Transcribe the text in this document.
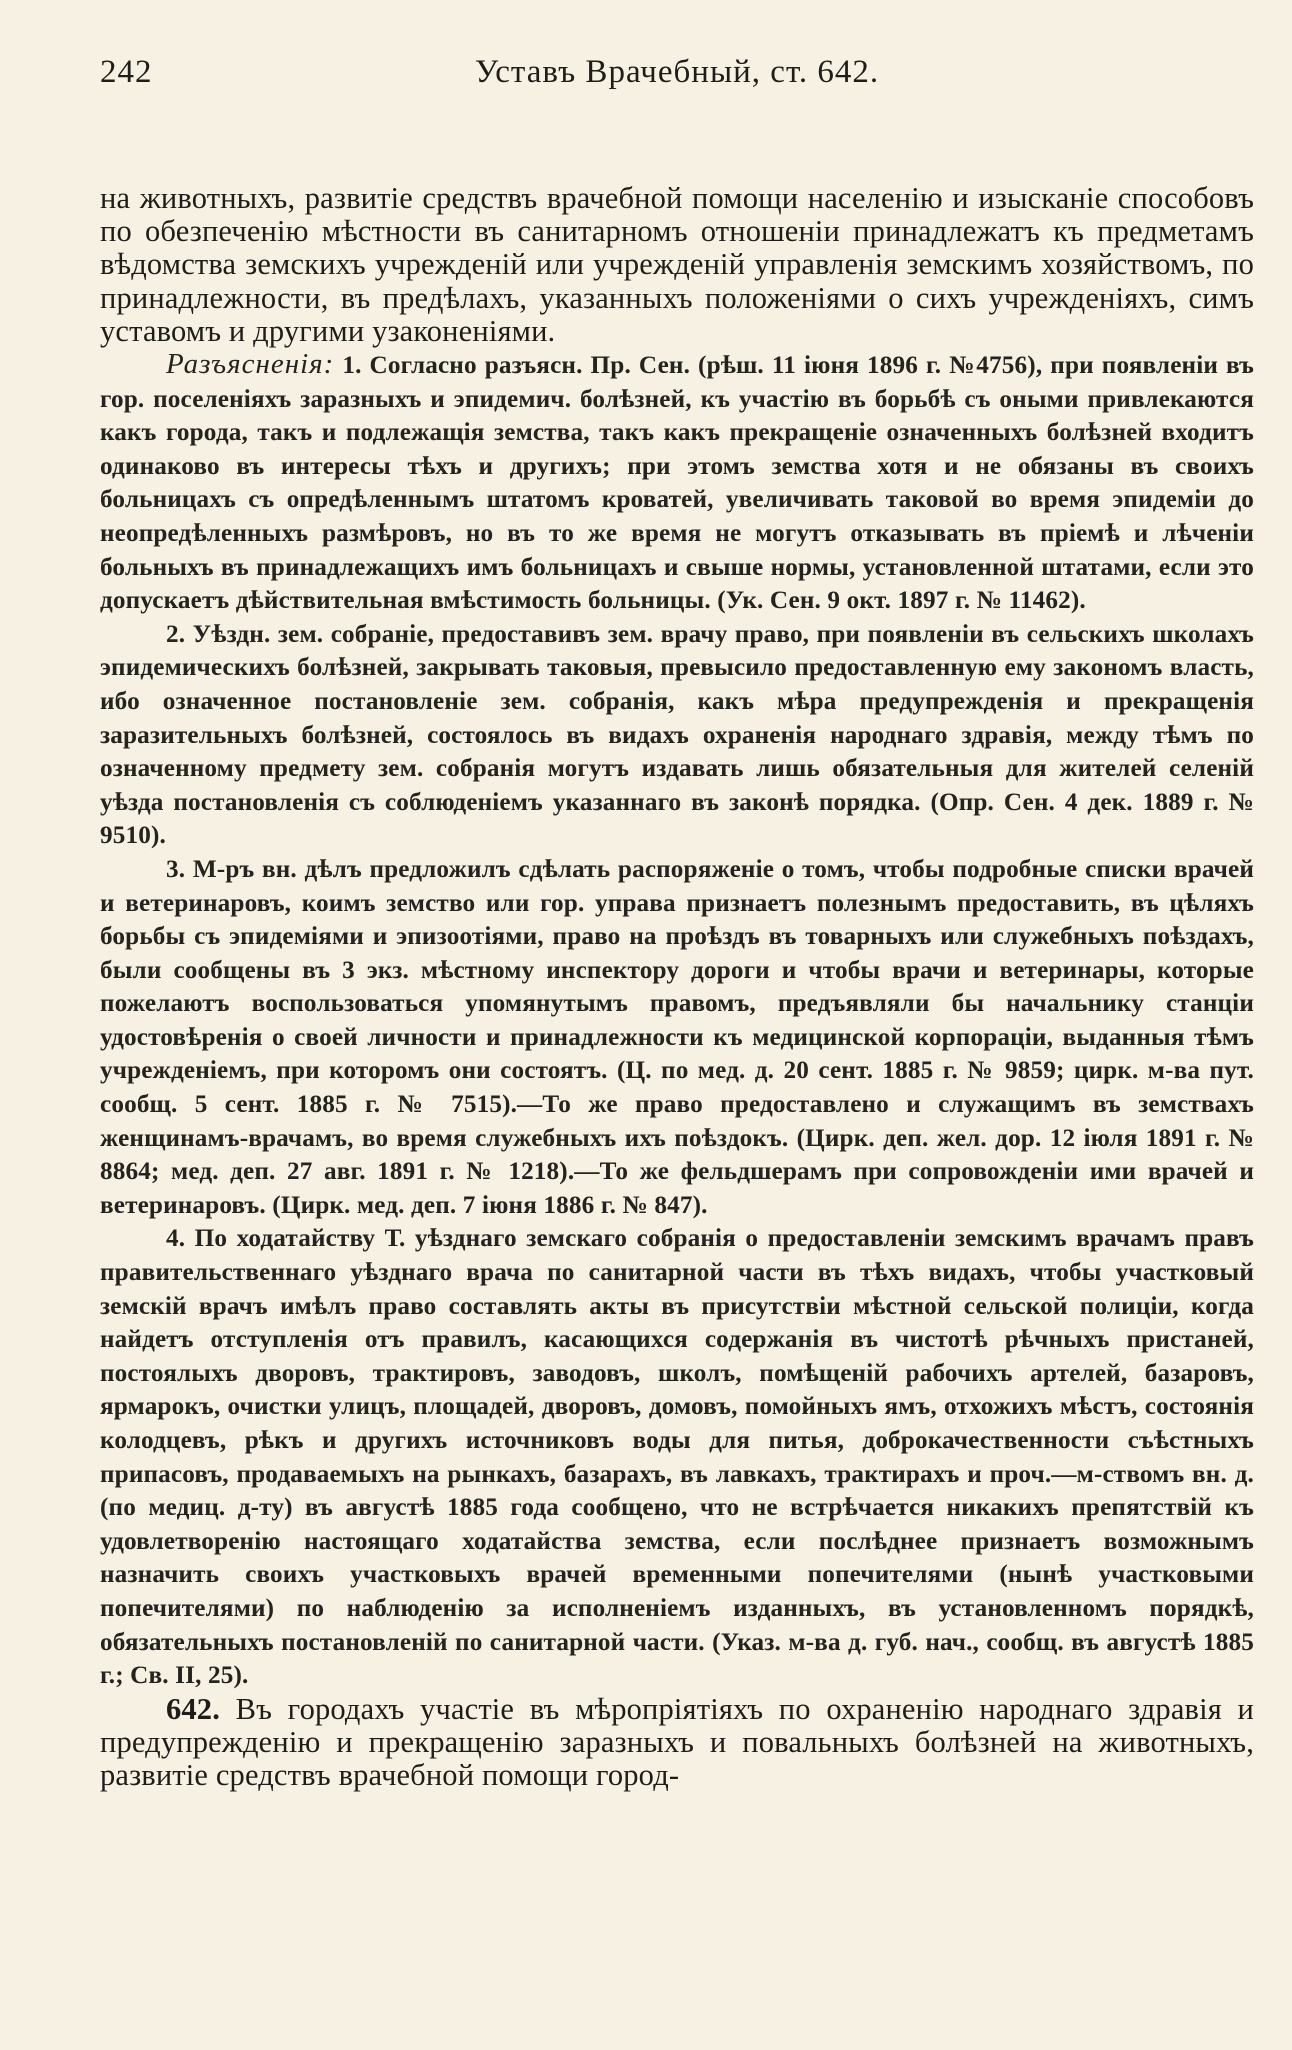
242	Уставъ Врачебный, ст. 642.

на животныхъ, развитіе средствъ врачебной помощи населенію и изысканіе способовъ по обезпеченію мѣстности въ санитарномъ отношеніи принадлежатъ къ предметамъ вѣдомства земскихъ учрежденій или учрежденій управленія земскимъ хозяйствомъ, по принадлежности, въ предѣлахъ, указанныхъ положеніями о сихъ учрежденіяхъ, симъ уставомъ и другими узаконеніями.

Разъясненія: 1. Согласно разъясн. Пр. Сен. (рѣш. 11 іюня 1896 г. №4756), при появленіи въ гор. поселеніяхъ заразныхъ и эпидемич. болѣзней, къ участію въ борьбѣ съ оными привлекаются какъ города, такъ и подлежащія земства, такъ какъ прекращеніе означенныхъ болѣзней входитъ одинаково въ интересы тѣхъ и другихъ; при этомъ земства хотя и не обязаны въ своихъ больницахъ съ опредѣленнымъ штатомъ кроватей, увеличивать таковой во время эпидеміи до неопредѣленныхъ размѣровъ, но въ то же время не могутъ отказывать въ пріемѣ и лѣченіи больныхъ въ принадлежащихъ имъ больницахъ и свыше нормы, установленной штатами, если это допускаетъ дѣйствительная вмѣстимость больницы. (Ук. Сен. 9 окт. 1897 г. № 11462).

2. Уѣздн. зем. собраніе, предоставивъ зем. врачу право, при появленіи въ сельскихъ школахъ эпидемическихъ болѣзней, закрывать таковыя, превысило предоставленную ему закономъ власть, ибо означенное постановленіе зем. собранія, какъ мѣра предупрежденія и прекращенія заразительныхъ болѣзней, состоялось въ видахъ охраненія народнаго здравія, между тѣмъ по означенному предмету зем. собранія могутъ издавать лишь обязательныя для жителей селеній уѣзда постановленія съ соблюденіемъ указаннаго въ законѣ порядка. (Опр. Сен. 4 дек. 1889 г. № 9510).

3. М-ръ вн. дѣлъ предложилъ сдѣлать распоряженіе о томъ, чтобы подробные списки врачей и ветеринаровъ, коимъ земство или гор. управа признаетъ полезнымъ предоставить, въ цѣляхъ борьбы съ эпидеміями и эпизоотіями, право на проѣздъ въ товарныхъ или служебныхъ поѣздахъ, были сообщены въ 3 экз. мѣстному инспектору дороги и чтобы врачи и ветеринары, которые пожелаютъ воспользоваться упомянутымъ правомъ, предъявляли бы начальнику станціи удостовѣренія о своей личности и принадлежности къ медицинской корпораціи, выданныя тѣмъ учрежденіемъ, при которомъ они состоятъ. (Ц. по мед. д. 20 сент. 1885 г. № 9859; цирк. м-ва пут. сообщ. 5 сент. 1885 г. № 7515).—То же право предоставлено и служащимъ въ земствахъ женщинамъ-врачамъ, во время служебныхъ ихъ поѣздокъ. (Цирк. деп. жел. дор. 12 іюля 1891 г. № 8864; мед. деп. 27 авг. 1891 г. № 1218).—То же фельдшерамъ при сопровожденіи ими врачей и ветеринаровъ. (Цирк. мед. деп. 7 іюня 1886 г. № 847).

4. По ходатайству Т. уѣзднаго земскаго собранія о предоставленіи земскимъ врачамъ правъ правительственнаго уѣзднаго врача по санитарной части въ тѣхъ видахъ, чтобы участковый земскій врачъ имѣлъ право составлять акты въ присутствіи мѣстной сельской полиціи, когда найдетъ отступленія отъ правилъ, касающихся содержанія въ чистотѣ рѣчныхъ пристаней, постоялыхъ дворовъ, трактировъ, заводовъ, школъ, помѣщеній рабочихъ артелей, базаровъ, ярмарокъ, очистки улицъ, площадей, дворовъ, домовъ, помойныхъ ямъ, отхожихъ мѣстъ, состоянія колодцевъ, рѣкъ и другихъ источниковъ воды для питья, доброкачественности съѣстныхъ припасовъ, продаваемыхъ на рынкахъ, базарахъ, въ лавкахъ, трактирахъ и проч.—м-ствомъ вн. д. (по медиц. д-ту) въ августѣ 1885 года сообщено, что не встрѣчается никакихъ препятствій къ удовлетворенію настоящаго ходатайства земства, если послѣднее признаетъ возможнымъ назначить своихъ участковыхъ врачей временными попечителями (нынѣ участковыми попечителями) по наблюденію за исполненіемъ изданныхъ, въ установленномъ порядкѣ, обязательныхъ постановленій по санитарной части. (Указ. м-ва д. губ. нач., сообщ. въ августѣ 1885 г.; Св. II, 25).

642. Въ городахъ участіе въ мѣропріятіяхъ по охраненію народнаго здравія и предупрежденію и прекращенію заразныхъ и повальныхъ болѣзней на животныхъ, развитіе средствъ врачебной помощи город-
